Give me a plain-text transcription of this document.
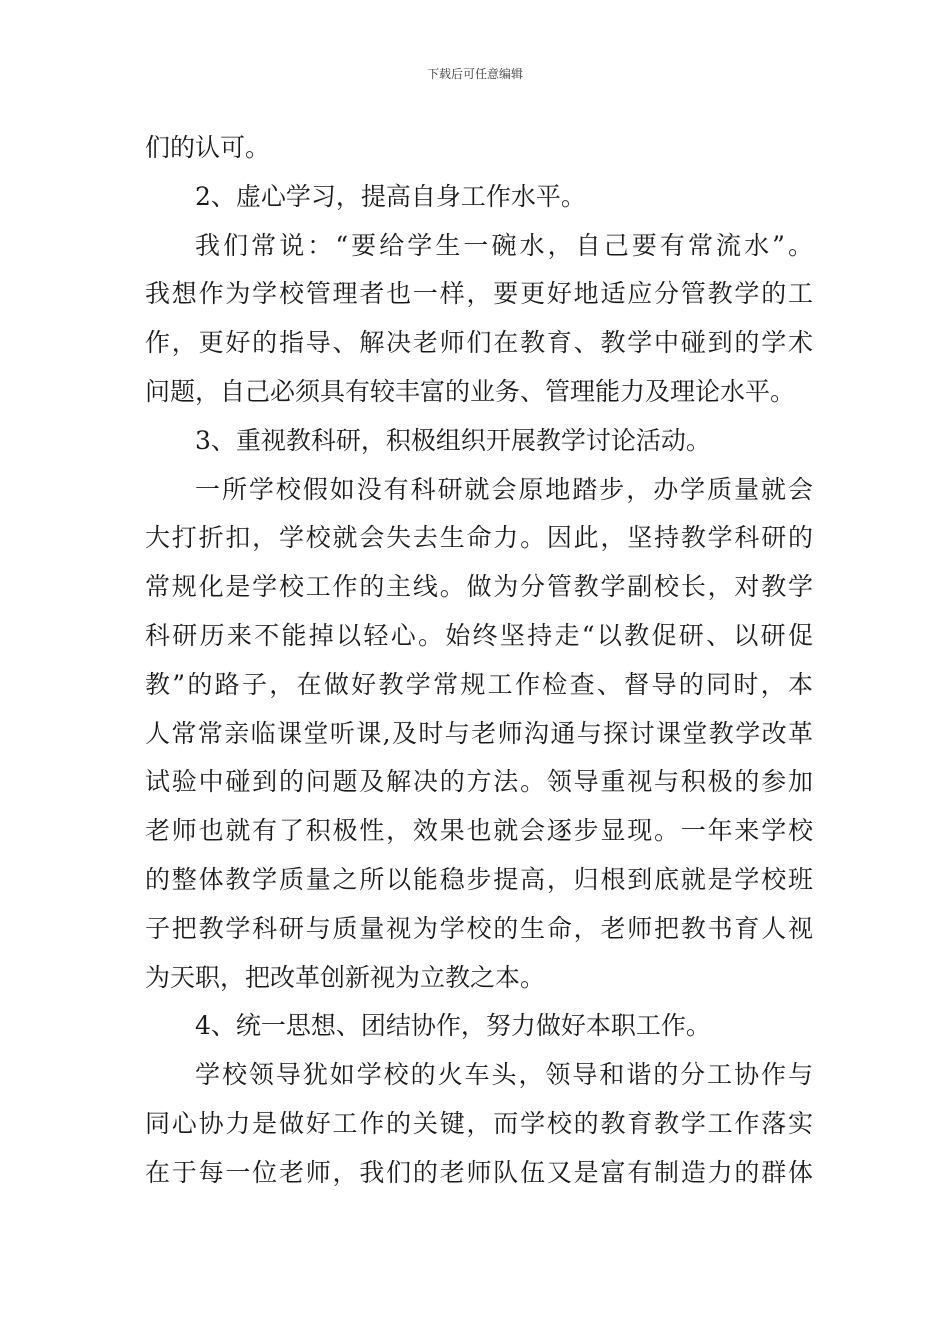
下载后可任意编辑
们的认可。
2、虚心学习，提高自身工作水平。
我们常说：“要给学生一碗水，自己要有常流水”。
我想作为学校管理者也一样，要更好地适应分管教学的工
作，更好的指导、解决老师们在教育、教学中碰到的学术
问题，自己必须具有较丰富的业务、管理能力及理论水平。
3、重视教科研，积极组织开展教学讨论活动。
一所学校假如没有科研就会原地踏步，办学质量就会
大打折扣，学校就会失去生命力。因此，坚持教学科研的
常规化是学校工作的主线。做为分管教学副校长，对教学
科研历来不能掉以轻心。始终坚持走“以教促研、以研促
教”的路子，在做好教学常规工作检查、督导的同时，本
人常常亲临课堂听课,及时与老师沟通与探讨课堂教学改革
试验中碰到的问题及解决的方法。领导重视与积极的参加
老师也就有了积极性，效果也就会逐步显现。一年来学校
的整体教学质量之所以能稳步提高，归根到底就是学校班
子把教学科研与质量视为学校的生命，老师把教书育人视
为天职，把改革创新视为立教之本。
4、统一思想、团结协作，努力做好本职工作。
学校领导犹如学校的火车头，领导和谐的分工协作与
同心协力是做好工作的关键，而学校的教育教学工作落实
在于每一位老师，我们的老师队伍又是富有制造力的群体
